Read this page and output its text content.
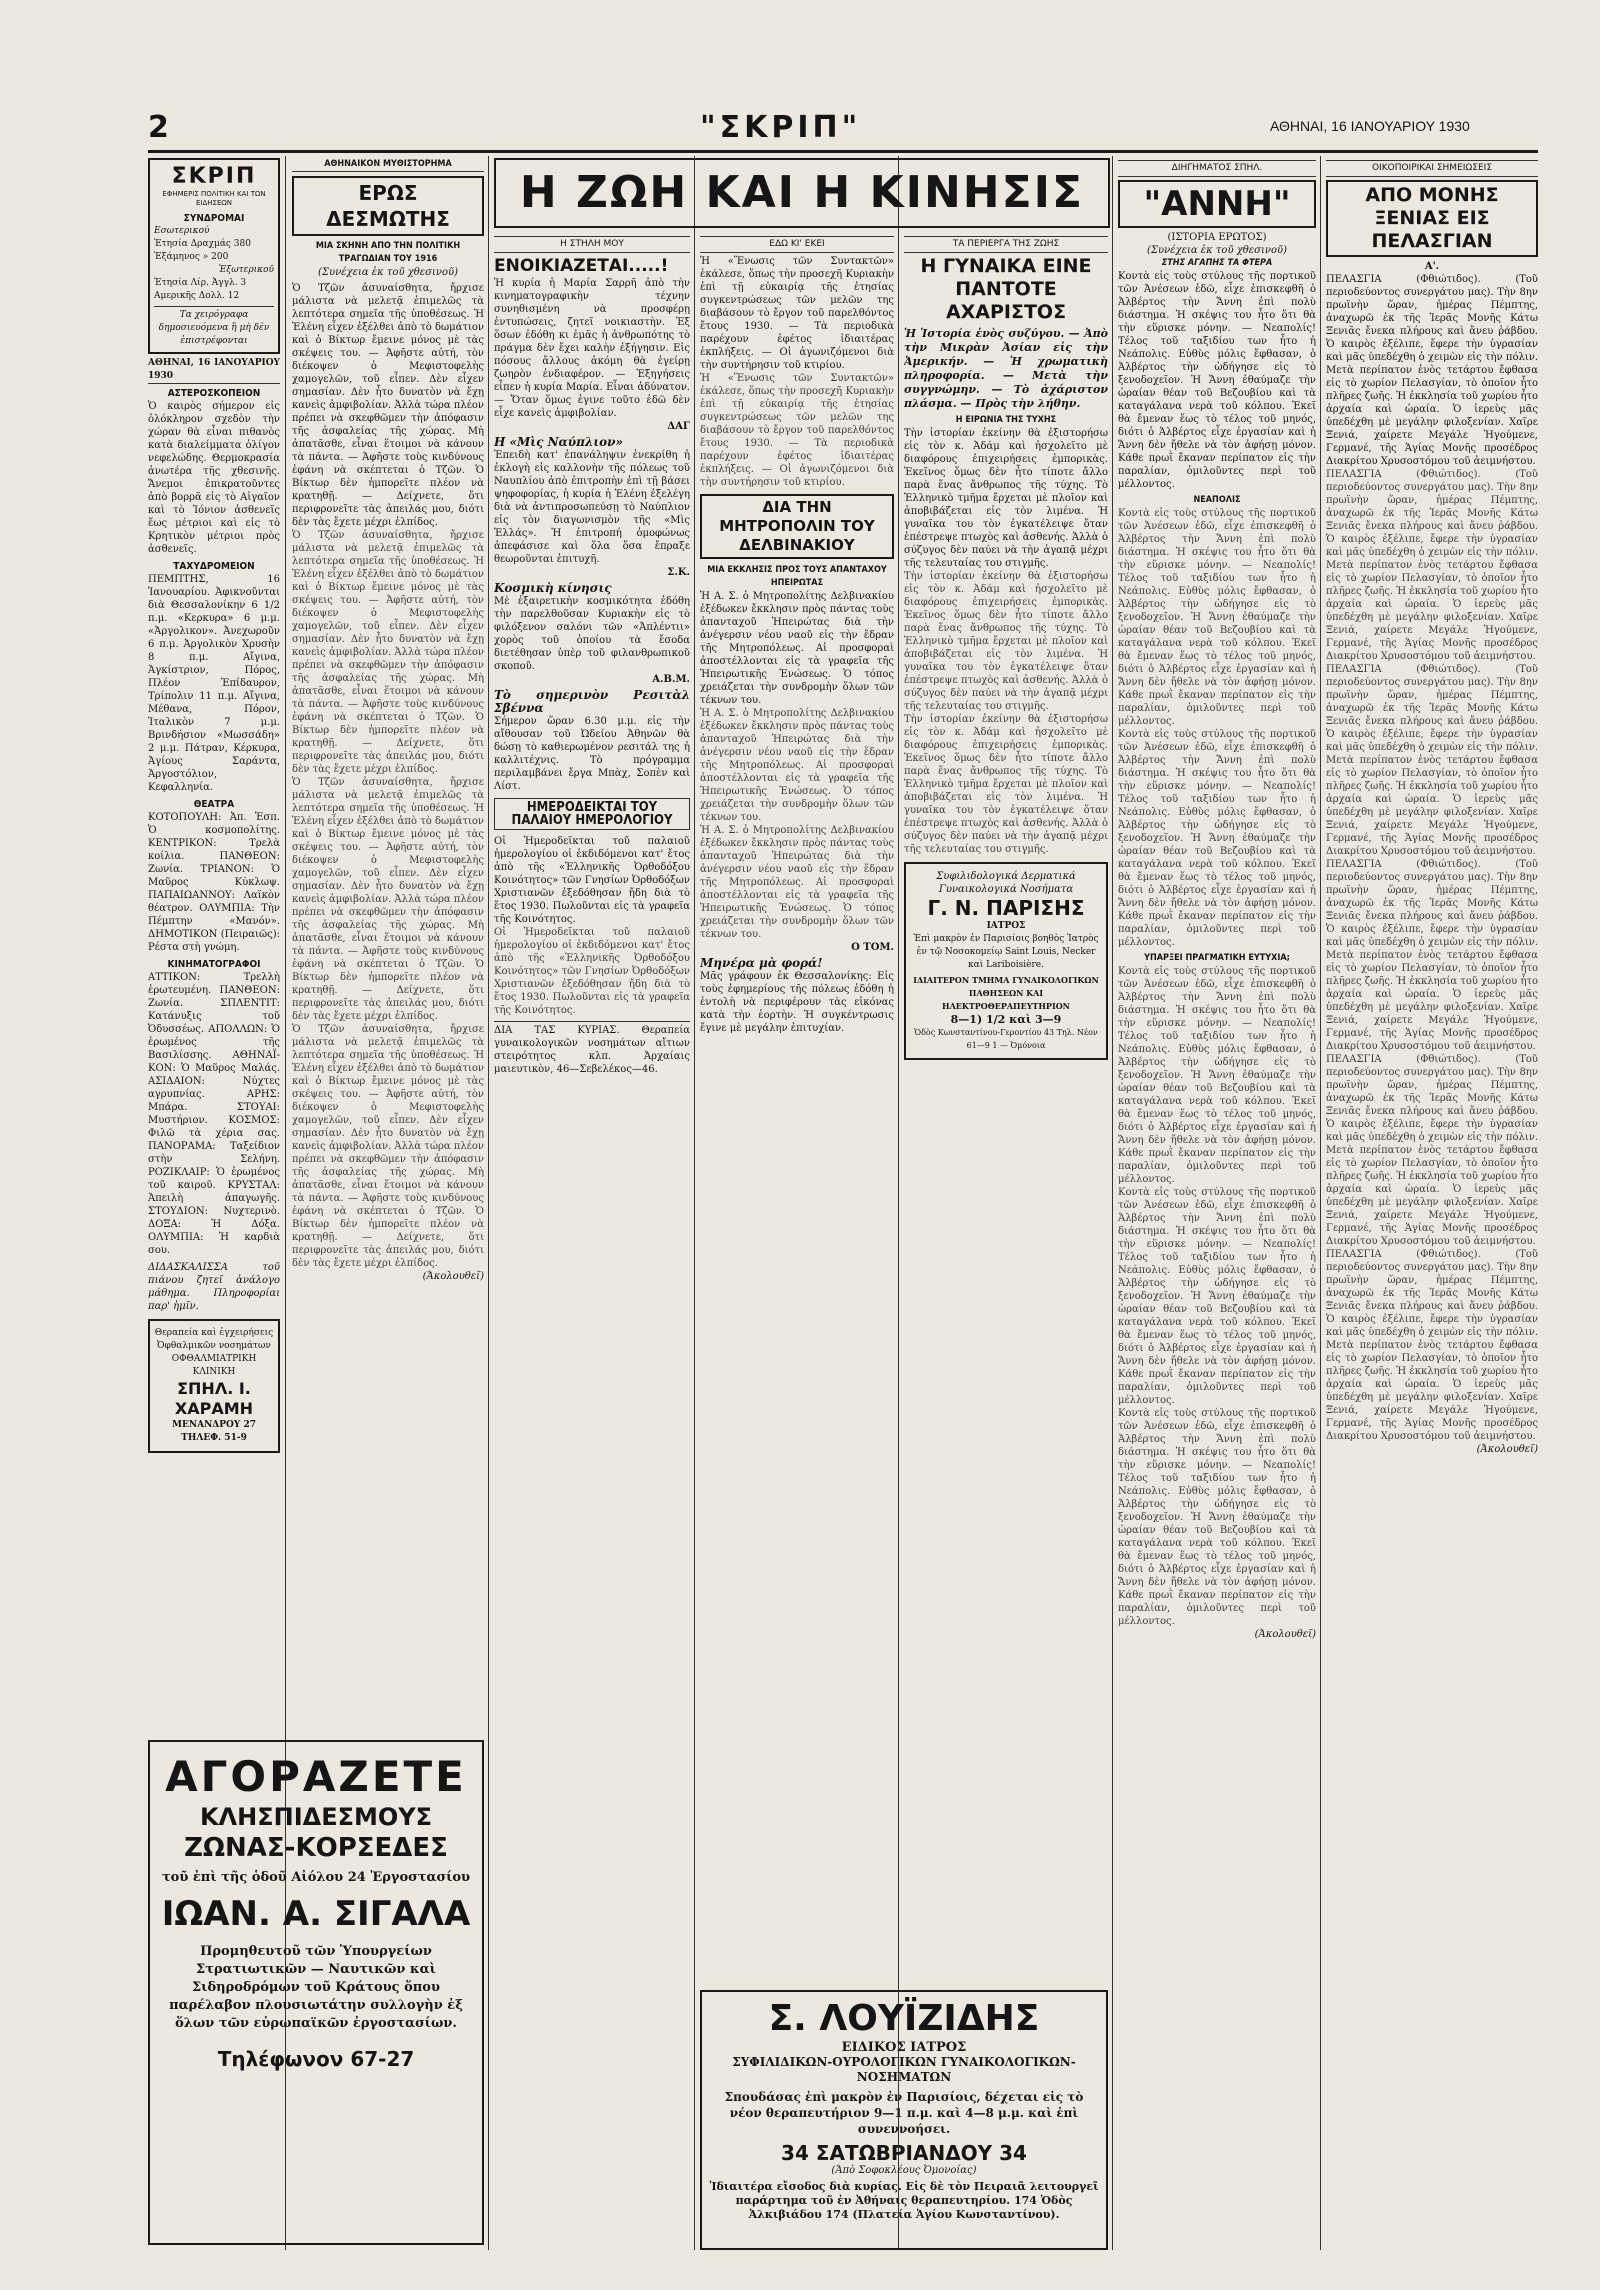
2	"ΣΚΡΙΠ"	ΑΘΗΝΑΙ, 16 ΙΑΝΟΥΑΡΙΟΥ 1930
ΣΚΡΙΠ
ΕΦΗΜΕΡΙΣ ΠΟΛΙΤΙΚΗ ΚΑΙ ΤΩΝ ΕΙΔΗΣΕΩΝ
ΣΥΝΔΡΟΜΑΙ
Εσωτερικού
Ἐτησία Δραχμάς 380
Ἐξάμηνος » 200
Ἐξωτερικοῦ
Ἐτησία Λίρ. Ἀγγλ. 3
Αμερικῆς Δολλ. 12
Τα χειρόγραφα δημοσιευόμενα ἢ μὴ δὲν ἐπιστρέφονται
ΑΘΗΝΑΙ, 16 ΙΑΝΟΥΑΡΙΟΥ 1930
ΑΣΤΕΡΟΣΚΟΠΕΙΟΝ
Ὁ καιρὸς σήμερον εἰς ὁλόκληρον σχεδὸν τὴν χώραν θὰ εἶναι πιθανὸς κατὰ διαλείμματα ὀλίγον νεφελώδης. Θερμοκρασία ἀνωτέρα τῆς χθεσινῆς. Ἄνεμοι ἐπικρατοῦντες ἀπὸ βορρᾶ εἰς τὸ Αἰγαῖον καὶ τὸ Ἰόνιον ἀσθενεῖς ἕως μέτριοι καὶ εἰς τὸ Κρητικὸν μέτριοι πρὸς ἀσθενεῖς.
ΤΑΧΥΔΡΟΜΕΙΟΝ
ΠΕΜΠΤΗΣ, 16 Ἰανουαρίου. Ἀφικνοῦνται διὰ Θεσσαλονίκην 6 1/2 π.μ. «Κερκυρα» 6 μ.μ. «Ἀργολικον». Ἀνεχωροῦν 6 π.μ. Ἀργολικὸν Χρυσὴν 8 π.μ. Αἴγινα, Ἀγκίστριον, Πόρος, Πλέον Ἐπίδαυρον, Τρίπολιν 11 π.μ. Αἴγινα, Μέθανα, Πόρον, Ἰταλικὸν 7 μ.μ. Βρινδήσιον «Μωσσάδη» 2 μ.μ. Πάτραν, Κέρκυρα, Ἀγίους Σαράντα, Ἀργοστόλιον, Κεφαλληνία.
ΘΕΑΤΡΑ
ΚΟΤΟΠΟΥΛΗ: Ἀπ. Ἑσπ. Ὁ κοσμοπολίτης. ΚΕΝΤΡΙΚΟΝ: Τρελὰ κοίλια. ΠΑΝΘΕΟΝ: Ζωνία. ΤΡΙΑΝΟΝ: Ὁ Μαῦρος Κύκλωψ. ΠΑΠΑΙΩΑΝΝΟΥ: Λαϊκὸν θέατρον. ΟΛΥΜΠΙΑ: Τὴν Πέμπτην «Μανόν». ΔΗΜΟΤΙΚΟΝ (Πειραιῶς): Ρέστα στὴ γνώμη.
ΚΙΝΗΜΑΤΟΓΡΑΦΟΙ
ΑΤΤΙΚΟΝ: Τρελλὴ ἐρωτευμένη. ΠΑΝΘΕΟΝ: Ζωνία. ΣΠΛΕΝΤΙΤ: Κατάνυξις τοῦ Ὀδυσσέως. ΑΠΟΛΛΩΝ: Ὁ ἐρωμένος τῆς Βασιλίσσης. ΑΘΗΝΑΪ-ΚΟΝ: Ὁ Μαῦρος Μαλάς. ΑΣΙΔΑΙΟΝ: Νύχτες αγρυπνίας. ΑΡΗΣ: Μπάρα. ΣΤΟΥΑΙ: Μυστήριον. ΚΟΣΜΟΣ: Φιλῶ τὰ χέρια σας. ΠΑΝΟΡΑΜΑ: Ταξείδιον στὴν Σελήνη. ΡΟΖΙΚΛΑΙΡ: Ὁ ἐρωμένος τοῦ καιροῦ. ΚΡΥΣΤΑΛ: Ἀπειλὴ ἀπαγωγῆς. ΣΤΟΥΔΙΟΝ: Νυχτερινὸ. ΔΟΞΑ: Ἡ Δόξα. ΟΛΥΜΠΙΑ: Ἡ καρδιὰ σου.
ΔΙΔΑΣΚΑΛΙΣΣΑ τοῦ πιάνου ζητεῖ ἀνάλογο μάθημα. Πληροφορίαι παρ' ἡμῖν.
Θεραπεία καὶ ἐγχειρήσεις Ὀφθαλμικῶν νοσημάτων ΟΦΘΑΛΜΙΑΤΡΙΚΗ ΚΛΙΝΙΚΗ
ΣΠΗΛ. Ι. ΧΑΡΑΜΗ
ΜΕΝΑΝΔΡΟΥ 27 ΤΗΛΕΦ. 51-9
ΑΘΗΝΑΙΚΟΝ ΜΥΘΙΣΤΟΡΗΜΑ
ΕΡΩΣ ΔΕΣΜΩΤΗΣ
ΜΙΑ ΣΚΗΝΗ ΑΠΟ ΤΗΝ ΠΟΛΙΤΙΚΗ ΤΡΑΓΩΔΙΑΝ ΤΟΥ 1916
(Συνέχεια ἐκ τοῦ χθεσινοῦ)
Ὁ Τζῶν ἀσυναίσθητα, ἤρχισε μάλιστα νὰ μελετᾷ ἐπιμελῶς τὰ λεπτότερα σημεῖα τῆς ὑποθέσεως. Ἡ Ἑλένη εἶχεν ἐξέλθει ἀπὸ τὸ δωμάτιον καὶ ὁ Βίκτωρ ἔμεινε μόνος μὲ τὰς σκέψεις του. — Ἀφῆστε αὐτή, τὸν διέκοψεν ὁ Μεφιστοφελὴς χαμογελῶν, τοῦ εἶπεν. Δὲν εἶχεν σημασίαν. Δὲν ἦτο δυνατὸν νὰ ἔχῃ κανεὶς ἀμφιβολίαν. Ἀλλὰ τώρα πλέον πρέπει νὰ σκεφθῶμεν τὴν ἀπόφασιν τῆς ἀσφαλείας τῆς χώρας. Μὴ ἀπατᾶσθε, εἶναι ἕτοιμοι νὰ κάνουν τὰ πάντα. — Ἀφῆστε τοὺς κινδύνους ἐφάνη νὰ σκέπτεται ὁ Τζῶν. Ὁ Βίκτωρ δὲν ἠμπορεῖτε πλέον νὰ κρατηθῇ. — Δείχνετε, ὅτι περιφρονεῖτε τὰς ἀπειλάς μου, διότι δὲν τὰς ἔχετε μέχρι ἐλπίδος.
Ὁ Τζῶν ἀσυναίσθητα, ἤρχισε μάλιστα νὰ μελετᾷ ἐπιμελῶς τὰ λεπτότερα σημεῖα τῆς ὑποθέσεως. Ἡ Ἑλένη εἶχεν ἐξέλθει ἀπὸ τὸ δωμάτιον καὶ ὁ Βίκτωρ ἔμεινε μόνος μὲ τὰς σκέψεις του. — Ἀφῆστε αὐτή, τὸν διέκοψεν ὁ Μεφιστοφελὴς χαμογελῶν, τοῦ εἶπεν. Δὲν εἶχεν σημασίαν. Δὲν ἦτο δυνατὸν νὰ ἔχῃ κανεὶς ἀμφιβολίαν. Ἀλλὰ τώρα πλέον πρέπει νὰ σκεφθῶμεν τὴν ἀπόφασιν τῆς ἀσφαλείας τῆς χώρας. Μὴ ἀπατᾶσθε, εἶναι ἕτοιμοι νὰ κάνουν τὰ πάντα. — Ἀφῆστε τοὺς κινδύνους ἐφάνη νὰ σκέπτεται ὁ Τζῶν. Ὁ Βίκτωρ δὲν ἠμπορεῖτε πλέον νὰ κρατηθῇ. — Δείχνετε, ὅτι περιφρονεῖτε τὰς ἀπειλάς μου, διότι δὲν τὰς ἔχετε μέχρι ἐλπίδος.
Ὁ Τζῶν ἀσυναίσθητα, ἤρχισε μάλιστα νὰ μελετᾷ ἐπιμελῶς τὰ λεπτότερα σημεῖα τῆς ὑποθέσεως. Ἡ Ἑλένη εἶχεν ἐξέλθει ἀπὸ τὸ δωμάτιον καὶ ὁ Βίκτωρ ἔμεινε μόνος μὲ τὰς σκέψεις του. — Ἀφῆστε αὐτή, τὸν διέκοψεν ὁ Μεφιστοφελὴς χαμογελῶν, τοῦ εἶπεν. Δὲν εἶχεν σημασίαν. Δὲν ἦτο δυνατὸν νὰ ἔχῃ κανεὶς ἀμφιβολίαν. Ἀλλὰ τώρα πλέον πρέπει νὰ σκεφθῶμεν τὴν ἀπόφασιν τῆς ἀσφαλείας τῆς χώρας. Μὴ ἀπατᾶσθε, εἶναι ἕτοιμοι νὰ κάνουν τὰ πάντα. — Ἀφῆστε τοὺς κινδύνους ἐφάνη νὰ σκέπτεται ὁ Τζῶν. Ὁ Βίκτωρ δὲν ἠμπορεῖτε πλέον νὰ κρατηθῇ. — Δείχνετε, ὅτι περιφρονεῖτε τὰς ἀπειλάς μου, διότι δὲν τὰς ἔχετε μέχρι ἐλπίδος.
Ὁ Τζῶν ἀσυναίσθητα, ἤρχισε μάλιστα νὰ μελετᾷ ἐπιμελῶς τὰ λεπτότερα σημεῖα τῆς ὑποθέσεως. Ἡ Ἑλένη εἶχεν ἐξέλθει ἀπὸ τὸ δωμάτιον καὶ ὁ Βίκτωρ ἔμεινε μόνος μὲ τὰς σκέψεις του. — Ἀφῆστε αὐτή, τὸν διέκοψεν ὁ Μεφιστοφελὴς χαμογελῶν, τοῦ εἶπεν. Δὲν εἶχεν σημασίαν. Δὲν ἦτο δυνατὸν νὰ ἔχῃ κανεὶς ἀμφιβολίαν. Ἀλλὰ τώρα πλέον πρέπει νὰ σκεφθῶμεν τὴν ἀπόφασιν τῆς ἀσφαλείας τῆς χώρας. Μὴ ἀπατᾶσθε, εἶναι ἕτοιμοι νὰ κάνουν τὰ πάντα. — Ἀφῆστε τοὺς κινδύνους ἐφάνη νὰ σκέπτεται ὁ Τζῶν. Ὁ Βίκτωρ δὲν ἠμπορεῖτε πλέον νὰ κρατηθῇ. — Δείχνετε, ὅτι περιφρονεῖτε τὰς ἀπειλάς μου, διότι δὲν τὰς ἔχετε μέχρι ἐλπίδος.
(Ἀκολουθεῖ)
Η ΖΩΗ ΚΑΙ Η ΚΙΝΗΣΙΣ
Η ΣΤΗΛΗ ΜΟΥ
ΕΝΟΙΚΙΑΖΕΤΑΙ.....!
Ἡ κυρία ἡ Μαρία Σαρρῆ ἀπὸ τὴν κινηματογραφικὴν τέχνην συνηθισμένη νὰ προσφέρῃ ἐντυπώσεις, ζητεῖ νοικιαστὴν. Ἐξ ὅσων ἐδόθη κι ἐμᾶς ἡ ἀνθρωπότης τὸ πράγμα δὲν ἔχει καλὴν ἐξήγησιν. Εἰς πόσους ἄλλους ἀκόμη θὰ ἐγείρῃ ζωηρὸν ἐνδιαφέρον. — Ἐξηγήσεις εἶπεν ἡ κυρία Μαρία. Εἶναι ἀδύνατον. — Ὅταν ὅμως ἐγινε τοῦτο ἐδῶ δὲν εἶχε κανεὶς ἀμφιβολίαν.
ΔΑΓ
Η «Μὶς Ναύπλιον»
Ἐπειδὴ κατ' ἐπανάληψιν ἐνεκρίθη ἡ ἐκλογὴ εἰς καλλονὴν τῆς πόλεως τοῦ Ναυπλίου ἀπὸ ἐπιτροπὴν ἐπὶ τῇ βάσει ψηφοφορίας, ἡ κυρία ἡ Ἑλένη ἐξελέγη διὰ νὰ ἀντιπροσωπεύσῃ τὸ Ναύπλιον εἰς τὸν διαγωνισμὸν τῆς «Μὶς Ἑλλάς». Ἡ ἐπιτροπή ὁμοφώνως ἀπεφάσισε καὶ ὅλα ὅσα ἔπραξε θεωροῦνται ἐπιτυχῆ.
Σ.Κ.
Κοσμικὴ κίνησις
Μὲ ἐξαιρετικὴν κοσμικότητα ἐδόθη τὴν παρελθοῦσαν Κυριακὴν εἰς τὸ φιλόξενον σαλόνι τῶν «Ἀπλέντιι» χορὸς τοῦ ὁποίου τὰ ἔσοδα διετέθησαν ὑπὲρ τοῦ φιλανθρωπικοῦ σκοποῦ.
Α.Β.Μ.
Τὸ σημερινὸν Ρεσιτὰλ Σβέννα
Σήμερον ὥραν 6.30 μ.μ. εἰς τὴν αἴθουσαν τοῦ Ὠδείου Ἀθηνῶν θὰ δώσῃ τὸ καθιερωμένον ρεσιτάλ της ἡ καλλιτέχνις. Τὸ πρόγραμμα περιλαμβάνει ἔργα Μπὰχ, Σοπὲν καὶ Λίστ.
ΗΜΕΡΟΔΕΙΚΤΑΙ ΤΟΥ ΠΑΛΑΙΟΥ ΗΜΕΡΟΛΟΓΙΟΥ
Οἱ Ἡμεροδεῖκται τοῦ παλαιοῦ ἡμερολογίου οἱ ἐκδιδόμενοι κατ' ἔτος ἀπὸ τῆς «Ἑλληνικῆς Ὀρθοδόξου Κοινότητος» τῶν Γνησίων Ὀρθοδόξων Χριστιανῶν ἐξεδόθησαν ἤδη διὰ τὸ ἔτος 1930. Πωλοῦνται εἰς τὰ γραφεῖα τῆς Κοινότητος.
Οἱ Ἡμεροδεῖκται τοῦ παλαιοῦ ἡμερολογίου οἱ ἐκδιδόμενοι κατ' ἔτος ἀπὸ τῆς «Ἑλληνικῆς Ὀρθοδόξου Κοινότητος» τῶν Γνησίων Ὀρθοδόξων Χριστιανῶν ἐξεδόθησαν ἤδη διὰ τὸ ἔτος 1930. Πωλοῦνται εἰς τὰ γραφεῖα τῆς Κοινότητος.
ΔΙΑ ΤΑΣ ΚΥΡΙΑΣ. Θεραπεία γυναικολογικῶν νοσημάτων αἴτιων στειρότητος κλπ. Ἀρχαίαις μαιευτικὸν, 46—Σεβελέκος—46.
ΕΔΩ ΚΙ' ΕΚΕΙ
Ἡ «Ἕνωσις τῶν Συντακτῶν» ἐκάλεσε, ὅπως τὴν προσεχῆ Κυριακὴν ἐπὶ τῇ εὐκαιρίᾳ τῆς ἐτησίας συγκεντρώσεως τῶν μελῶν της διαβάσουν τὸ ἔργον τοῦ παρελθόντος ἔτους 1930. — Τὰ περιοδικὰ παρέχουν ἐφέτος ἰδιαιτέρας ἐκπλήξεις. — Οἱ ἀγωνιζόμενοι διὰ τὴν συντήρησιν τοῦ κτιρίου.
Ἡ «Ἕνωσις τῶν Συντακτῶν» ἐκάλεσε, ὅπως τὴν προσεχῆ Κυριακὴν ἐπὶ τῇ εὐκαιρίᾳ τῆς ἐτησίας συγκεντρώσεως τῶν μελῶν της διαβάσουν τὸ ἔργον τοῦ παρελθόντος ἔτους 1930. — Τὰ περιοδικὰ παρέχουν ἐφέτος ἰδιαιτέρας ἐκπλήξεις. — Οἱ ἀγωνιζόμενοι διὰ τὴν συντήρησιν τοῦ κτιρίου.
ΔΙΑ ΤΗΝ ΜΗΤΡΟΠΟΛΙΝ ΤΟΥ ΔΕΛΒΙΝΑΚΙΟΥ
ΜΙΑ ΕΚΚΛΗΣΙΣ ΠΡΟΣ ΤΟΥΣ ΑΠΑΝΤΑΧΟΥ ΗΠΕΙΡΩΤΑΣ
Ἡ Α. Σ. ὁ Μητροπολίτης Δελβινακίου ἐξέδωκεν ἔκκλησιν πρὸς πάντας τοὺς ἀπανταχοῦ Ἠπειρώτας διὰ τὴν ἀνέγερσιν νέου ναοῦ εἰς τὴν ἕδραν τῆς Μητροπόλεως. Αἱ προσφοραὶ ἀποστέλλονται εἰς τὰ γραφεῖα τῆς Ἠπειρωτικῆς Ἑνώσεως. Ὁ τόπος χρειάζεται τὴν συνδρομὴν ὅλων τῶν τέκνων του.
Ἡ Α. Σ. ὁ Μητροπολίτης Δελβινακίου ἐξέδωκεν ἔκκλησιν πρὸς πάντας τοὺς ἀπανταχοῦ Ἠπειρώτας διὰ τὴν ἀνέγερσιν νέου ναοῦ εἰς τὴν ἕδραν τῆς Μητροπόλεως. Αἱ προσφοραὶ ἀποστέλλονται εἰς τὰ γραφεῖα τῆς Ἠπειρωτικῆς Ἑνώσεως. Ὁ τόπος χρειάζεται τὴν συνδρομὴν ὅλων τῶν τέκνων του.
Ἡ Α. Σ. ὁ Μητροπολίτης Δελβινακίου ἐξέδωκεν ἔκκλησιν πρὸς πάντας τοὺς ἀπανταχοῦ Ἠπειρώτας διὰ τὴν ἀνέγερσιν νέου ναοῦ εἰς τὴν ἕδραν τῆς Μητροπόλεως. Αἱ προσφοραὶ ἀποστέλλονται εἰς τὰ γραφεῖα τῆς Ἠπειρωτικῆς Ἑνώσεως. Ὁ τόπος χρειάζεται τὴν συνδρομὴν ὅλων τῶν τέκνων του.
Ο ΤΟΜ.
Μηνέρα μὰ φορά!
Μᾶς γράφουν ἐκ Θεσσαλονίκης: Εἰς τοὺς ἐφημερίους τῆς πόλεως ἐδόθη ἡ ἐντολὴ νὰ περιφέρουν τὰς εἰκόνας κατὰ τὴν ἑορτὴν. Ἡ συγκέντρωσις ἔγινε μὲ μεγάλην ἐπιτυχίαν.
ΤΑ ΠΕΡΙΕΡΓΑ ΤΗΣ ΖΩΗΣ
Η ΓΥΝΑΙΚΑ ΕΙΝΕ ΠΑΝΤΟΤΕ ΑΧΑΡΙΣΤΟΣ
Ἡ Ἱστορία ἑνὸς συζύγου. — Ἀπὸ τὴν Μικρὰν Ἀσίαν εἰς τὴν Ἀμερικήν. — Ἡ χρωματικὴ πληροφορία. — Μετὰ τὴν συγγνώμην. — Τὸ ἀχάριστον πλάσμα. — Πρὸς τὴν λήθην.
Η ΕΙΡΩΝΙΑ ΤΗΣ ΤΥΧΗΣ
Τὴν ἱστορίαν ἐκείνην θὰ ἐξιστορήσω εἰς τὸν κ. Ἀδάμ καὶ ἠσχολεῖτο μὲ διαφόρους ἐπιχειρήσεις ἐμπορικὰς. Ἐκεῖνος ὅμως δὲν ἦτο τίποτε ἄλλο παρὰ ἕνας ἄνθρωπος τῆς τύχης. Τὸ Ἑλληνικὸ τμῆμα ἔρχεται μὲ πλοῖον καὶ ἀποβιβάζεται εἰς τὸν λιμένα. Ἡ γυναῖκα του τὸν ἐγκατέλειψε ὅταν ἐπέστρεψε πτωχὸς καὶ ἀσθενής. Ἀλλὰ ὁ σύζυγος δὲν παύει νὰ τὴν ἀγαπᾷ μέχρι τῆς τελευταίας του στιγμῆς.
Τὴν ἱστορίαν ἐκείνην θὰ ἐξιστορήσω εἰς τὸν κ. Ἀδάμ καὶ ἠσχολεῖτο μὲ διαφόρους ἐπιχειρήσεις ἐμπορικὰς. Ἐκεῖνος ὅμως δὲν ἦτο τίποτε ἄλλο παρὰ ἕνας ἄνθρωπος τῆς τύχης. Τὸ Ἑλληνικὸ τμῆμα ἔρχεται μὲ πλοῖον καὶ ἀποβιβάζεται εἰς τὸν λιμένα. Ἡ γυναῖκα του τὸν ἐγκατέλειψε ὅταν ἐπέστρεψε πτωχὸς καὶ ἀσθενής. Ἀλλὰ ὁ σύζυγος δὲν παύει νὰ τὴν ἀγαπᾷ μέχρι τῆς τελευταίας του στιγμῆς.
Τὴν ἱστορίαν ἐκείνην θὰ ἐξιστορήσω εἰς τὸν κ. Ἀδάμ καὶ ἠσχολεῖτο μὲ διαφόρους ἐπιχειρήσεις ἐμπορικὰς. Ἐκεῖνος ὅμως δὲν ἦτο τίποτε ἄλλο παρὰ ἕνας ἄνθρωπος τῆς τύχης. Τὸ Ἑλληνικὸ τμῆμα ἔρχεται μὲ πλοῖον καὶ ἀποβιβάζεται εἰς τὸν λιμένα. Ἡ γυναῖκα του τὸν ἐγκατέλειψε ὅταν ἐπέστρεψε πτωχὸς καὶ ἀσθενής. Ἀλλὰ ὁ σύζυγος δὲν παύει νὰ τὴν ἀγαπᾷ μέχρι τῆς τελευταίας του στιγμῆς.
Συφιλιδολογικά Δερματικά Γυναικολογικά Νοσήματα
Γ. Ν. ΠΑΡΙΣΗΣ
ΙΑΤΡΟΣ
Ἐπὶ μακρὸν ἐν Παρισίοις βοηθὸς Ἱατρὸς ἐν τῷ Νοσοκομείῳ Saint Louis, Necker καὶ Lariboisière.
ΙΔΙΑΙΤΕΡΟΝ ΤΜΗΜΑ ΓΥΝΑΙΚΟΛΟΓΙΚΩΝ ΠΑΘΗΣΕΩΝ ΚΑΙ ΗΛΕΚΤΡΟΘΕΡΑΠΕΥΤΗΡΙΟΝ
8—1) 1/2 καὶ 3—9
Ὁδὸς Κωνσταντίνου-Γεροντίου 43 Τηλ. Νέον 61—9 1 — Ὀμόνοια
ΔΙΗΓΗΜΑΤΟΣ ΣΠΗΛ.
"ΑΝΝΗ"
(ΙΣΤΟΡΙΑ ΕΡΩΤΟΣ)
(Συνέχεια ἐκ τοῦ χθεσινοῦ)
ΣΤΗΣ ΑΓΑΠΗΣ ΤΑ ΦΤΕΡΑ
Κοντὰ εἰς τοὺς στύλους τῆς πορτικοῦ τῶν Ἀνέσεων ἐδῶ, εἶχε ἐπισκεφθῆ ὁ Ἀλβέρτος τὴν Ἄννη ἐπὶ πολὺ διάστημα. Ἡ σκέψις του ἦτο ὅτι θὰ τὴν εὕρισκε μόνην. — Νεαπολίς! Τέλος τοῦ ταξιδίου των ἦτο ἡ Νεάπολις. Εὐθὺς μόλις ἔφθασαν, ὁ Ἀλβέρτος τὴν ὡδήγησε εἰς τὸ ξενοδοχεῖον. Ἡ Ἄννη ἐθαύμαζε τὴν ὡραίαν θέαν τοῦ Βεζουβίου καὶ τὰ καταγάλανα νερὰ τοῦ κόλπου. Ἐκεῖ θὰ ἔμεναν ἕως τὸ τέλος τοῦ μηνός, διότι ὁ Ἀλβέρτος εἶχε ἐργασίαν καὶ ἡ Ἄννη δὲν ἤθελε νὰ τὸν ἀφήσῃ μόνον. Κάθε πρωῒ ἔκαναν περίπατον εἰς τὴν παραλίαν, ὁμιλοῦντες περὶ τοῦ μέλλοντος.
ΝΕΑΠΟΛΙΣ
Κοντὰ εἰς τοὺς στύλους τῆς πορτικοῦ τῶν Ἀνέσεων ἐδῶ, εἶχε ἐπισκεφθῆ ὁ Ἀλβέρτος τὴν Ἄννη ἐπὶ πολὺ διάστημα. Ἡ σκέψις του ἦτο ὅτι θὰ τὴν εὕρισκε μόνην. — Νεαπολίς! Τέλος τοῦ ταξιδίου των ἦτο ἡ Νεάπολις. Εὐθὺς μόλις ἔφθασαν, ὁ Ἀλβέρτος τὴν ὡδήγησε εἰς τὸ ξενοδοχεῖον. Ἡ Ἄννη ἐθαύμαζε τὴν ὡραίαν θέαν τοῦ Βεζουβίου καὶ τὰ καταγάλανα νερὰ τοῦ κόλπου. Ἐκεῖ θὰ ἔμεναν ἕως τὸ τέλος τοῦ μηνός, διότι ὁ Ἀλβέρτος εἶχε ἐργασίαν καὶ ἡ Ἄννη δὲν ἤθελε νὰ τὸν ἀφήσῃ μόνον. Κάθε πρωῒ ἔκαναν περίπατον εἰς τὴν παραλίαν, ὁμιλοῦντες περὶ τοῦ μέλλοντος.
Κοντὰ εἰς τοὺς στύλους τῆς πορτικοῦ τῶν Ἀνέσεων ἐδῶ, εἶχε ἐπισκεφθῆ ὁ Ἀλβέρτος τὴν Ἄννη ἐπὶ πολὺ διάστημα. Ἡ σκέψις του ἦτο ὅτι θὰ τὴν εὕρισκε μόνην. — Νεαπολίς! Τέλος τοῦ ταξιδίου των ἦτο ἡ Νεάπολις. Εὐθὺς μόλις ἔφθασαν, ὁ Ἀλβέρτος τὴν ὡδήγησε εἰς τὸ ξενοδοχεῖον. Ἡ Ἄννη ἐθαύμαζε τὴν ὡραίαν θέαν τοῦ Βεζουβίου καὶ τὰ καταγάλανα νερὰ τοῦ κόλπου. Ἐκεῖ θὰ ἔμεναν ἕως τὸ τέλος τοῦ μηνός, διότι ὁ Ἀλβέρτος εἶχε ἐργασίαν καὶ ἡ Ἄννη δὲν ἤθελε νὰ τὸν ἀφήσῃ μόνον. Κάθε πρωῒ ἔκαναν περίπατον εἰς τὴν παραλίαν, ὁμιλοῦντες περὶ τοῦ μέλλοντος.
ΥΠΑΡΞΕΙ ΠΡΑΓΜΑΤΙΚΗ ΕΥΤΥΧΙΑ;
Κοντὰ εἰς τοὺς στύλους τῆς πορτικοῦ τῶν Ἀνέσεων ἐδῶ, εἶχε ἐπισκεφθῆ ὁ Ἀλβέρτος τὴν Ἄννη ἐπὶ πολὺ διάστημα. Ἡ σκέψις του ἦτο ὅτι θὰ τὴν εὕρισκε μόνην. — Νεαπολίς! Τέλος τοῦ ταξιδίου των ἦτο ἡ Νεάπολις. Εὐθὺς μόλις ἔφθασαν, ὁ Ἀλβέρτος τὴν ὡδήγησε εἰς τὸ ξενοδοχεῖον. Ἡ Ἄννη ἐθαύμαζε τὴν ὡραίαν θέαν τοῦ Βεζουβίου καὶ τὰ καταγάλανα νερὰ τοῦ κόλπου. Ἐκεῖ θὰ ἔμεναν ἕως τὸ τέλος τοῦ μηνός, διότι ὁ Ἀλβέρτος εἶχε ἐργασίαν καὶ ἡ Ἄννη δὲν ἤθελε νὰ τὸν ἀφήσῃ μόνον. Κάθε πρωῒ ἔκαναν περίπατον εἰς τὴν παραλίαν, ὁμιλοῦντες περὶ τοῦ μέλλοντος.
Κοντὰ εἰς τοὺς στύλους τῆς πορτικοῦ τῶν Ἀνέσεων ἐδῶ, εἶχε ἐπισκεφθῆ ὁ Ἀλβέρτος τὴν Ἄννη ἐπὶ πολὺ διάστημα. Ἡ σκέψις του ἦτο ὅτι θὰ τὴν εὕρισκε μόνην. — Νεαπολίς! Τέλος τοῦ ταξιδίου των ἦτο ἡ Νεάπολις. Εὐθὺς μόλις ἔφθασαν, ὁ Ἀλβέρτος τὴν ὡδήγησε εἰς τὸ ξενοδοχεῖον. Ἡ Ἄννη ἐθαύμαζε τὴν ὡραίαν θέαν τοῦ Βεζουβίου καὶ τὰ καταγάλανα νερὰ τοῦ κόλπου. Ἐκεῖ θὰ ἔμεναν ἕως τὸ τέλος τοῦ μηνός, διότι ὁ Ἀλβέρτος εἶχε ἐργασίαν καὶ ἡ Ἄννη δὲν ἤθελε νὰ τὸν ἀφήσῃ μόνον. Κάθε πρωῒ ἔκαναν περίπατον εἰς τὴν παραλίαν, ὁμιλοῦντες περὶ τοῦ μέλλοντος.
Κοντὰ εἰς τοὺς στύλους τῆς πορτικοῦ τῶν Ἀνέσεων ἐδῶ, εἶχε ἐπισκεφθῆ ὁ Ἀλβέρτος τὴν Ἄννη ἐπὶ πολὺ διάστημα. Ἡ σκέψις του ἦτο ὅτι θὰ τὴν εὕρισκε μόνην. — Νεαπολίς! Τέλος τοῦ ταξιδίου των ἦτο ἡ Νεάπολις. Εὐθὺς μόλις ἔφθασαν, ὁ Ἀλβέρτος τὴν ὡδήγησε εἰς τὸ ξενοδοχεῖον. Ἡ Ἄννη ἐθαύμαζε τὴν ὡραίαν θέαν τοῦ Βεζουβίου καὶ τὰ καταγάλανα νερὰ τοῦ κόλπου. Ἐκεῖ θὰ ἔμεναν ἕως τὸ τέλος τοῦ μηνός, διότι ὁ Ἀλβέρτος εἶχε ἐργασίαν καὶ ἡ Ἄννη δὲν ἤθελε νὰ τὸν ἀφήσῃ μόνον. Κάθε πρωῒ ἔκαναν περίπατον εἰς τὴν παραλίαν, ὁμιλοῦντες περὶ τοῦ μέλλοντος.
(Ἀκολουθεῖ)
ΟΙΚΟΠΟΙΡΙΚΑΙ ΣΗΜΕΙΩΣΕΙΣ
ΑΠΟ ΜΟΝΗΣ ΞΕΝΙΑΣ ΕΙΣ ΠΕΛΑΣΓΙΑΝ
Α'.
ΠΕΛΑΣΓΙΑ (Φθιώτιδος). (Τοῦ περιοδεύοντος συνεργάτου μας). Τὴν 8ην πρωϊνὴν ὥραν, ἡμέρας Πέμπτης, ἀναχωρῶ ἐκ τῆς Ἱερᾶς Μονῆς Κάτω Ξενιᾶς ἔνεκα πλήρους καὶ ἄνευ ῥάβδου. Ὁ καιρὸς ἐξέλιπε, ἔφερε τὴν ὑγρασίαν καὶ μᾶς ὑπεδέχθη ὁ χειμὼν εἰς τὴν πόλιν. Μετὰ περίπατον ἑνὸς τετάρτου ἔφθασα εἰς τὸ χωρίον Πελασγίαν, τὸ ὁποῖον ἦτο πλῆρες ζωῆς. Ἡ ἐκκλησία τοῦ χωρίου ἦτο ἀρχαία καὶ ὡραία. Ὁ ἱερεὺς μᾶς ὑπεδέχθη μὲ μεγάλην φιλοξενίαν. Χαῖρε Ξενιά, χαίρετε Μεγάλε Ἡγούμενε, Γερμανέ, τῆς Ἁγίας Μονῆς προσέδρος Διακρίτου Χρυσοστόμου τοῦ ἀειμνήστου.
ΠΕΛΑΣΓΙΑ (Φθιώτιδος). (Τοῦ περιοδεύοντος συνεργάτου μας). Τὴν 8ην πρωϊνὴν ὥραν, ἡμέρας Πέμπτης, ἀναχωρῶ ἐκ τῆς Ἱερᾶς Μονῆς Κάτω Ξενιᾶς ἔνεκα πλήρους καὶ ἄνευ ῥάβδου. Ὁ καιρὸς ἐξέλιπε, ἔφερε τὴν ὑγρασίαν καὶ μᾶς ὑπεδέχθη ὁ χειμὼν εἰς τὴν πόλιν. Μετὰ περίπατον ἑνὸς τετάρτου ἔφθασα εἰς τὸ χωρίον Πελασγίαν, τὸ ὁποῖον ἦτο πλῆρες ζωῆς. Ἡ ἐκκλησία τοῦ χωρίου ἦτο ἀρχαία καὶ ὡραία. Ὁ ἱερεὺς μᾶς ὑπεδέχθη μὲ μεγάλην φιλοξενίαν. Χαῖρε Ξενιά, χαίρετε Μεγάλε Ἡγούμενε, Γερμανέ, τῆς Ἁγίας Μονῆς προσέδρος Διακρίτου Χρυσοστόμου τοῦ ἀειμνήστου.
ΠΕΛΑΣΓΙΑ (Φθιώτιδος). (Τοῦ περιοδεύοντος συνεργάτου μας). Τὴν 8ην πρωϊνὴν ὥραν, ἡμέρας Πέμπτης, ἀναχωρῶ ἐκ τῆς Ἱερᾶς Μονῆς Κάτω Ξενιᾶς ἔνεκα πλήρους καὶ ἄνευ ῥάβδου. Ὁ καιρὸς ἐξέλιπε, ἔφερε τὴν ὑγρασίαν καὶ μᾶς ὑπεδέχθη ὁ χειμὼν εἰς τὴν πόλιν. Μετὰ περίπατον ἑνὸς τετάρτου ἔφθασα εἰς τὸ χωρίον Πελασγίαν, τὸ ὁποῖον ἦτο πλῆρες ζωῆς. Ἡ ἐκκλησία τοῦ χωρίου ἦτο ἀρχαία καὶ ὡραία. Ὁ ἱερεὺς μᾶς ὑπεδέχθη μὲ μεγάλην φιλοξενίαν. Χαῖρε Ξενιά, χαίρετε Μεγάλε Ἡγούμενε, Γερμανέ, τῆς Ἁγίας Μονῆς προσέδρος Διακρίτου Χρυσοστόμου τοῦ ἀειμνήστου.
ΠΕΛΑΣΓΙΑ (Φθιώτιδος). (Τοῦ περιοδεύοντος συνεργάτου μας). Τὴν 8ην πρωϊνὴν ὥραν, ἡμέρας Πέμπτης, ἀναχωρῶ ἐκ τῆς Ἱερᾶς Μονῆς Κάτω Ξενιᾶς ἔνεκα πλήρους καὶ ἄνευ ῥάβδου. Ὁ καιρὸς ἐξέλιπε, ἔφερε τὴν ὑγρασίαν καὶ μᾶς ὑπεδέχθη ὁ χειμὼν εἰς τὴν πόλιν. Μετὰ περίπατον ἑνὸς τετάρτου ἔφθασα εἰς τὸ χωρίον Πελασγίαν, τὸ ὁποῖον ἦτο πλῆρες ζωῆς. Ἡ ἐκκλησία τοῦ χωρίου ἦτο ἀρχαία καὶ ὡραία. Ὁ ἱερεὺς μᾶς ὑπεδέχθη μὲ μεγάλην φιλοξενίαν. Χαῖρε Ξενιά, χαίρετε Μεγάλε Ἡγούμενε, Γερμανέ, τῆς Ἁγίας Μονῆς προσέδρος Διακρίτου Χρυσοστόμου τοῦ ἀειμνήστου.
ΠΕΛΑΣΓΙΑ (Φθιώτιδος). (Τοῦ περιοδεύοντος συνεργάτου μας). Τὴν 8ην πρωϊνὴν ὥραν, ἡμέρας Πέμπτης, ἀναχωρῶ ἐκ τῆς Ἱερᾶς Μονῆς Κάτω Ξενιᾶς ἔνεκα πλήρους καὶ ἄνευ ῥάβδου. Ὁ καιρὸς ἐξέλιπε, ἔφερε τὴν ὑγρασίαν καὶ μᾶς ὑπεδέχθη ὁ χειμὼν εἰς τὴν πόλιν. Μετὰ περίπατον ἑνὸς τετάρτου ἔφθασα εἰς τὸ χωρίον Πελασγίαν, τὸ ὁποῖον ἦτο πλῆρες ζωῆς. Ἡ ἐκκλησία τοῦ χωρίου ἦτο ἀρχαία καὶ ὡραία. Ὁ ἱερεὺς μᾶς ὑπεδέχθη μὲ μεγάλην φιλοξενίαν. Χαῖρε Ξενιά, χαίρετε Μεγάλε Ἡγούμενε, Γερμανέ, τῆς Ἁγίας Μονῆς προσέδρος Διακρίτου Χρυσοστόμου τοῦ ἀειμνήστου.
ΠΕΛΑΣΓΙΑ (Φθιώτιδος). (Τοῦ περιοδεύοντος συνεργάτου μας). Τὴν 8ην πρωϊνὴν ὥραν, ἡμέρας Πέμπτης, ἀναχωρῶ ἐκ τῆς Ἱερᾶς Μονῆς Κάτω Ξενιᾶς ἔνεκα πλήρους καὶ ἄνευ ῥάβδου. Ὁ καιρὸς ἐξέλιπε, ἔφερε τὴν ὑγρασίαν καὶ μᾶς ὑπεδέχθη ὁ χειμὼν εἰς τὴν πόλιν. Μετὰ περίπατον ἑνὸς τετάρτου ἔφθασα εἰς τὸ χωρίον Πελασγίαν, τὸ ὁποῖον ἦτο πλῆρες ζωῆς. Ἡ ἐκκλησία τοῦ χωρίου ἦτο ἀρχαία καὶ ὡραία. Ὁ ἱερεὺς μᾶς ὑπεδέχθη μὲ μεγάλην φιλοξενίαν. Χαῖρε Ξενιά, χαίρετε Μεγάλε Ἡγούμενε, Γερμανέ, τῆς Ἁγίας Μονῆς προσέδρος Διακρίτου Χρυσοστόμου τοῦ ἀειμνήστου.
(Ἀκολουθεῖ)
ΑΓΟΡΑΖΕΤΕ
ΚΛΗΣΠΙΔΕΣΜΟΥΣ
ΖΩΝΑΣ-ΚΟΡΣΕΔΕΣ
τοῦ ἐπὶ τῆς ὁδοῦ Αἰόλου 24 Ἐργοστασίου
ΙΩΑΝ. Α. ΣΙΓΑΛΑ
Προμηθευτοῦ τῶν Ὑπουργείων Στρατιωτικῶν — Ναυτικῶν καὶ Σιδηροδρόμων τοῦ Κράτους ὅπου παρέλαβον πλουσιωτάτην συλλογὴν ἐξ ὅλων τῶν εὐρωπαϊκῶν ἐργοστασίων.
Τηλέφωνον 67-27
Σ. ΛΟΥΪΖΙΔΗΣ
ΕΙΔΙΚΟΣ ΙΑΤΡΟΣ
ΣΥΦΙΛΙΔΙΚΩΝ-ΟΥΡΟΛΟΓΙΚΩΝ ΓΥΝΑΙΚΟΛΟΓΙΚΩΝ-ΝΟΣΗΜΑΤΩΝ
Σπουδάσας ἐπὶ μακρὸν ἐν Παρισίοις, δέχεται εἰς τὸ νέον θεραπευτήριον 9—1 π.μ. καὶ 4—8 μ.μ. καὶ ἐπὶ συνεννοήσει.
34 ΣΑΤΩΒΡΙΑΝΔΟΥ 34
(Ἀπὸ Σοφοκλέους Ὀμονοίας)
Ἰδιαιτέρα εἴσοδος διὰ κυρίας. Εἰς δὲ τὸν Πειραιᾶ λειτουργεῖ παράρτημα τοῦ ἐν Ἀθήναις θεραπευτηρίου. 174 Ὁδὸς Ἀλκιβιάδου 174 (Πλατεία Ἁγίου Κωνσταντίνου).
